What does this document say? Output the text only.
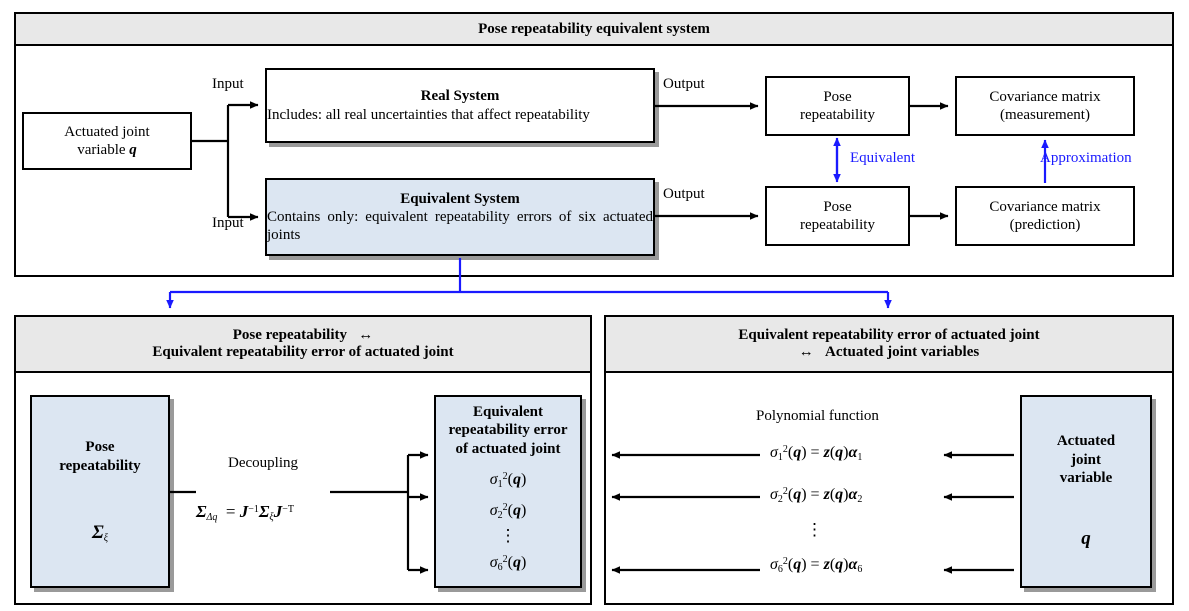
Pose repeatability equivalent system
Actuated joint
variable q
Real System
Includes: all real uncertainties that affect repeatability
Equivalent System
Contains only: equivalent repeatability errors of six actuated joints
Pose
repeatability
Pose
repeatability
Covariance matrix
(measurement)
Covariance matrix
(prediction)
Input
Input
Output
Output
Equivalent	Approximation
Pose repeatability ↔
Equivalent repeatability error of actuated joint
Pose
repeatability
$\Sigma_\xi$
Equivalent repeatability error
of actuated joint
$\sigma_1^2(q)$
$\sigma_2^2(q)$
⋮
$\sigma_6^2(q)$
Decoupling
$\Sigma_{\Delta q} = J^{-1}\Sigma_\xi J^{-T}$
Equivalent repeatability error of actuated joint
↔ Actuated joint variables
Polynomial function
$\sigma_1^2(q) = z(q)\alpha_1$
$\sigma_2^2(q) = z(q)\alpha_2$
⋮
$\sigma_6^2(q) = z(q)\alpha_6$
Actuated
joint
variable
q
